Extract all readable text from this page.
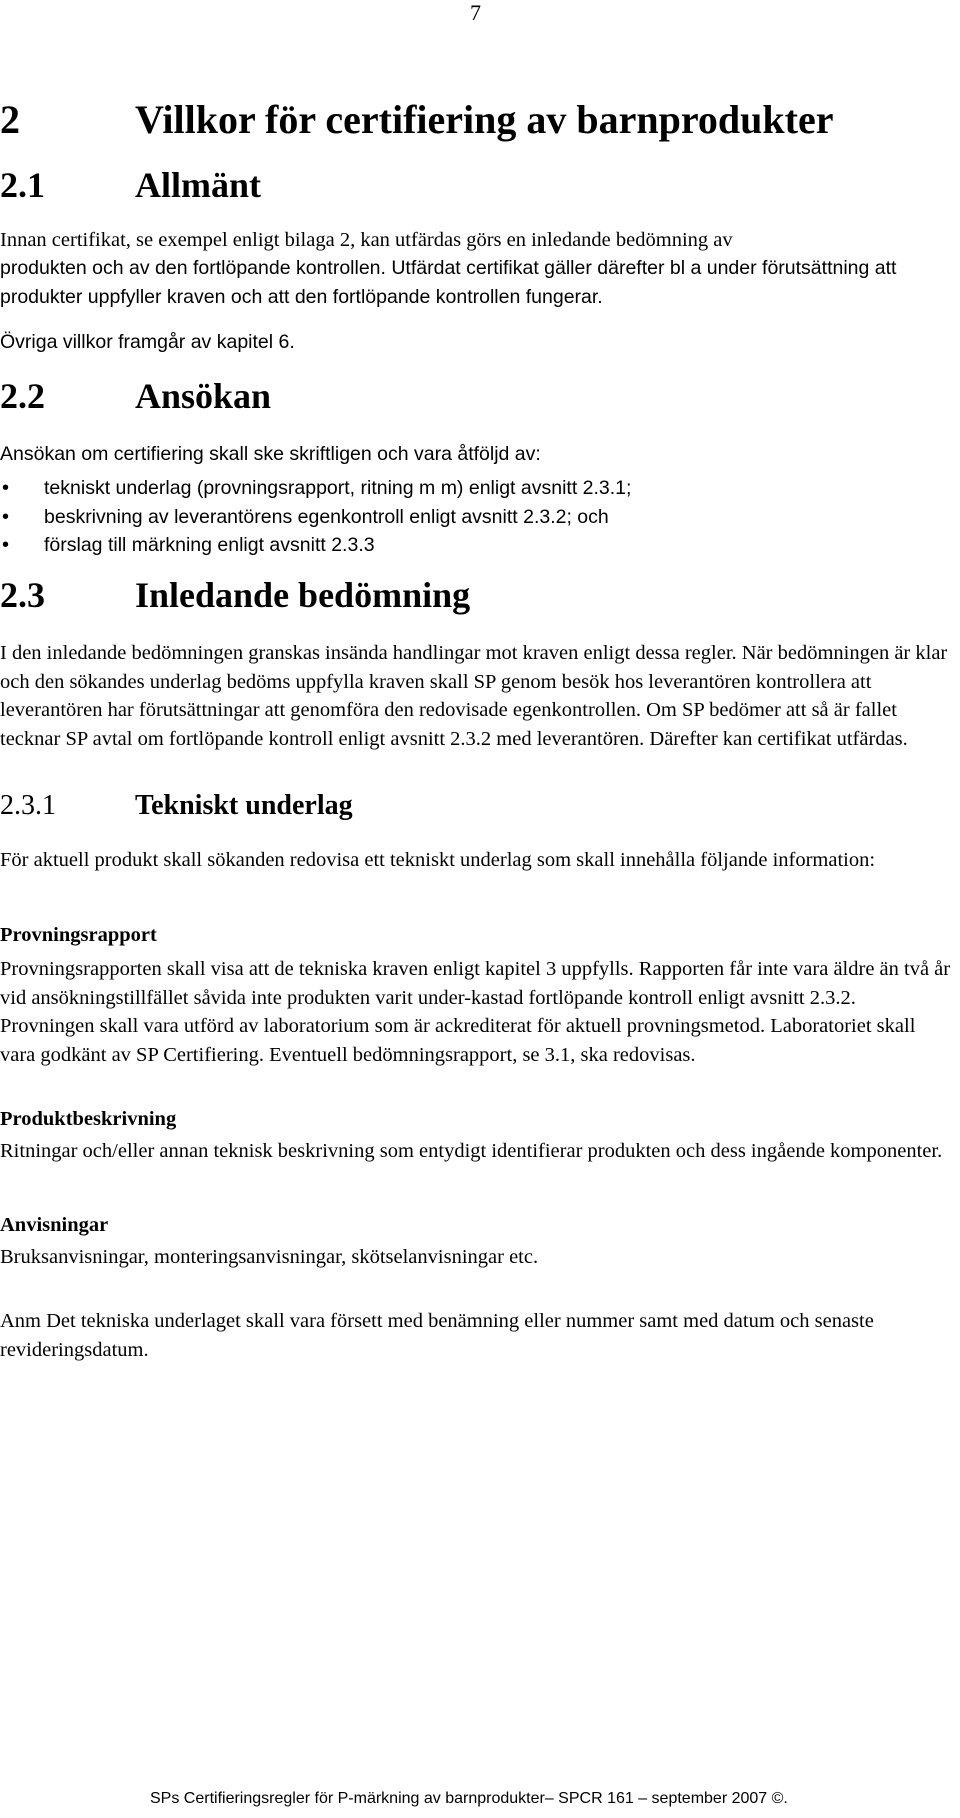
7
2	Villkor för certifiering av barnprodukter
2.1	Allmänt

Innan certifikat, se exempel enligt bilaga 2, kan utfärdas görs en inledande bedömning av

produkten och av den fortlöpande kontrollen. Utfärdat certifikat gäller därefter bl a under förutsättning att produkter uppfyller kraven och att den fortlöpande kontrollen fungerar.

Övriga villkor framgår av kapitel 6.

2.2	Ansökan

Ansökan om certifiering skall ske skriftligen och vara åtföljd av:

• tekniskt underlag (provningsrapport, ritning m m) enligt avsnitt 2.3.1;
• beskrivning av leverantörens egenkontroll enligt avsnitt 2.3.2; och
• förslag till märkning enligt avsnitt 2.3.3
2.3	Inledande bedömning

I den inledande bedömningen granskas insända handlingar mot kraven enligt dessa regler. När bedömningen är klar och den sökandes underlag bedöms uppfylla kraven skall SP genom besök hos leverantören kontrollera att leverantören har förutsättningar att genomföra den redovisade egenkontrollen. Om SP bedömer att så är fallet tecknar SP avtal om fortlöpande kontroll enligt avsnitt 2.3.2 med leverantören. Därefter kan certifikat utfärdas.

2.3.1	Tekniskt underlag

För aktuell produkt skall sökanden redovisa ett tekniskt underlag som skall innehålla följande information:

Provningsrapport

Provningsrapporten skall visa att de tekniska kraven enligt kapitel 3 uppfylls. Rapporten får inte vara äldre än två år vid ansökningstillfället såvida inte produkten varit under-kastad fortlöpande kontroll enligt avsnitt 2.3.2. Provningen skall vara utförd av laboratorium som är ackrediterat för aktuell provningsmetod. Laboratoriet skall vara godkänt av SP Certifiering. Eventuell bedömningsrapport, se 3.1, ska redovisas.

Produktbeskrivning

Ritningar och/eller annan teknisk beskrivning som entydigt identifierar produkten och dess ingående komponenter.

Anvisningar

Bruksanvisningar, monteringsanvisningar, skötselanvisningar etc.

Anm Det tekniska underlaget skall vara försett med benämning eller nummer samt med datum och senaste revideringsdatum.

SPs Certifieringsregler för P-märkning av barnprodukter– SPCR 161 – september 2007 ©.
